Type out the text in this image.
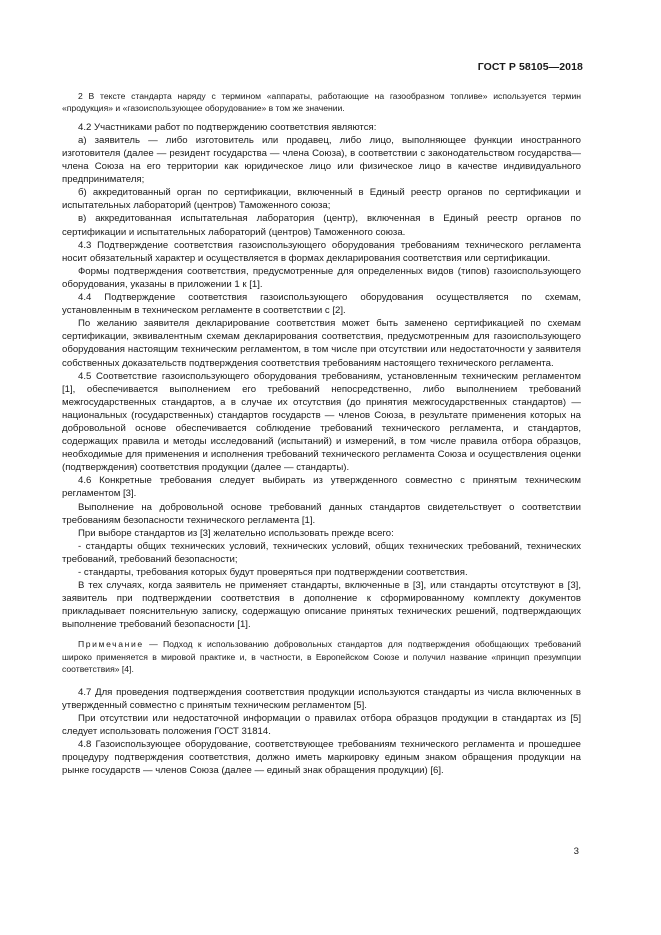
ГОСТ Р 58105—2018

2 В тексте стандарта наряду с термином «аппараты, работающие на газообразном топливе» используется термин «продукция» и «газоиспользующее оборудование» в том же значении.

4.2 Участниками работ по подтверждению соответствия являются:

а) заявитель — либо изготовитель или продавец, либо лицо, выполняющее функции иностранного изготовителя (далее — резидент государства — члена Союза), в соответствии с законодательством государства—члена Союза на его территории как юридическое лицо или физическое лицо в качестве индивидуального предпринимателя;

б) аккредитованный орган по сертификации, включенный в Единый реестр органов по сертификации и испытательных лабораторий (центров) Таможенного союза;

в) аккредитованная испытательная лаборатория (центр), включенная в Единый реестр органов по сертификации и испытательных лабораторий (центров) Таможенного союза.

4.3 Подтверждение соответствия газоиспользующего оборудования требованиям технического регламента носит обязательный характер и осуществляется в формах декларирования соответствия или сертификации.

Формы подтверждения соответствия, предусмотренные для определенных видов (типов) газоиспользующего оборудования, указаны в приложении 1 к [1].

4.4 Подтверждение соответствия газоиспользующего оборудования осуществляется по схемам, установленным в техническом регламенте в соответствии с [2].

По желанию заявителя декларирование соответствия может быть заменено сертификацией по схемам сертификации, эквивалентным схемам декларирования соответствия, предусмотренным для газоиспользующего оборудования настоящим техническим регламентом, в том числе при отсутствии или недостаточности у заявителя собственных доказательств подтверждения соответствия требованиям настоящего технического регламента.

4.5 Соответствие газоиспользующего оборудования требованиям, установленным техническим регламентом [1], обеспечивается выполнением его требований непосредственно, либо выполнением требований межгосударственных стандартов, а в случае их отсутствия (до принятия межгосударственных стандартов) — национальных (государственных) стандартов государств — членов Союза, в результате применения которых на добровольной основе обеспечивается соблюдение требований технического регламента, и стандартов, содержащих правила и методы исследований (испытаний) и измерений, в том числе правила отбора образцов, необходимые для применения и исполнения требований технического регламента Союза и осуществления оценки (подтверждения) соответствия продукции (далее — стандарты).

4.6 Конкретные требования следует выбирать из утвержденного совместно с принятым техническим регламентом [3].

Выполнение на добровольной основе требований данных стандартов свидетельствует о соответствии требованиям безопасности технического регламента [1].

При выборе стандартов из [3] желательно использовать прежде всего:

- стандарты общих технических условий, технических условий, общих технических требований, технических требований, требований безопасности;

- стандарты, требования которых будут проверяться при подтверждении соответствия.

В тех случаях, когда заявитель не применяет стандарты, включенные в [3], или стандарты отсутствуют в [3], заявитель при подтверждении соответствия в дополнение к сформированному комплекту документов прикладывает пояснительную записку, содержащую описание принятых технических решений, подтверждающих выполнение требований безопасности [1].

Примечание — Подход к использованию добровольных стандартов для подтверждения обобщающих требований широко применяется в мировой практике и, в частности, в Европейском Союзе и получил название «принцип презумпции соответствия» [4].

4.7 Для проведения подтверждения соответствия продукции используются стандарты из числа включенных в утвержденный совместно с принятым техническим регламентом [5].

При отсутствии или недостаточной информации о правилах отбора образцов продукции в стандартах из [5] следует использовать положения ГОСТ 31814.

4.8 Газоиспользующее оборудование, соответствующее требованиям технического регламента и прошедшее процедуру подтверждения соответствия, должно иметь маркировку единым знаком обращения продукции на рынке государств — членов Союза (далее — единый знак обращения продукции) [6].

3
